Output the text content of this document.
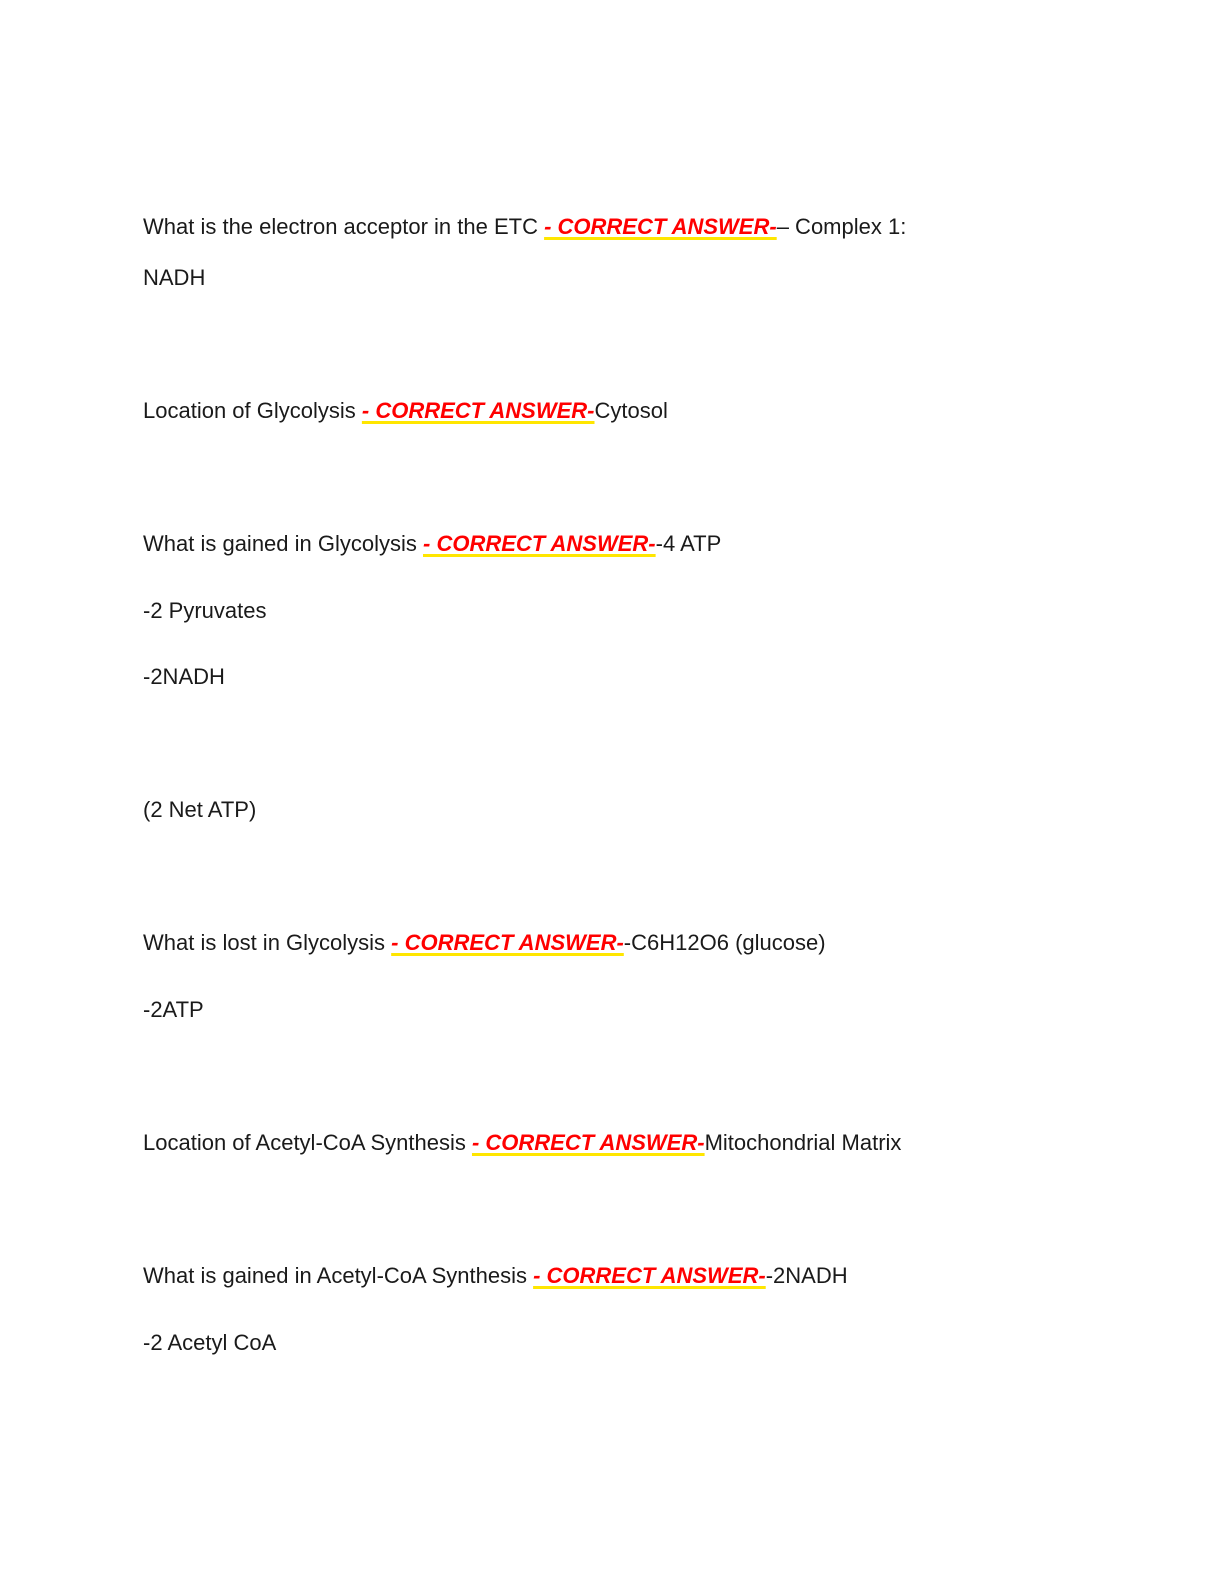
What is the electron acceptor in the ETC - CORRECT ANSWER-– Complex 1:
NADH
Location of Glycolysis - CORRECT ANSWER-Cytosol
What is gained in Glycolysis - CORRECT ANSWER--4 ATP
-2 Pyruvates
-2NADH
(2 Net ATP)
What is lost in Glycolysis - CORRECT ANSWER--C6H12O6 (glucose)
-2ATP
Location of Acetyl-CoA Synthesis - CORRECT ANSWER-Mitochondrial Matrix
What is gained in Acetyl-CoA Synthesis - CORRECT ANSWER--2NADH
-2 Acetyl CoA
